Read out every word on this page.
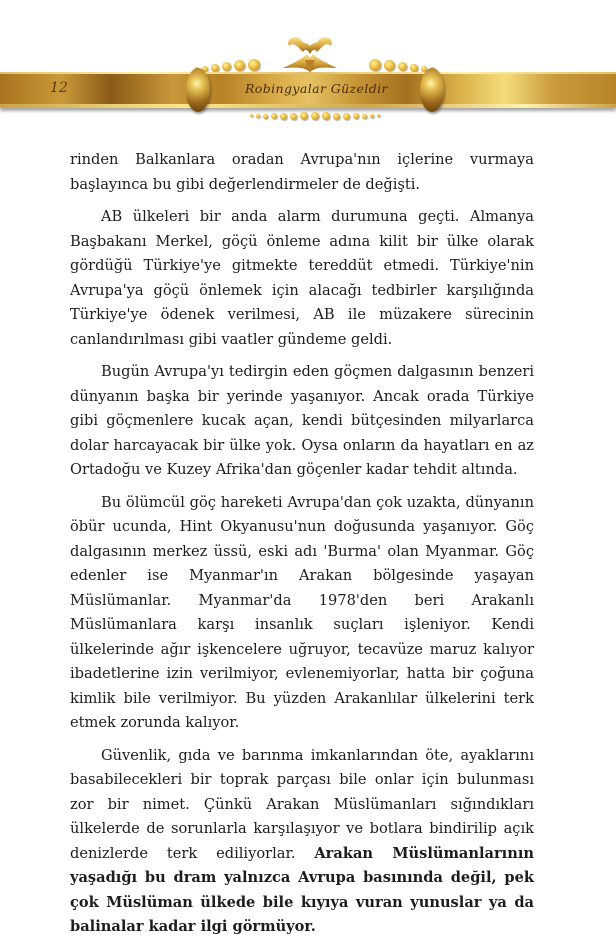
12	Robingyalar Güzeldir

rinden Balkanlara oradan Avrupa'nın içlerine vurmaya başlayınca bu gibi değerlendirmeler de değişti.

AB ülkeleri bir anda alarm durumuna geçti. Almanya Başbakanı Merkel, göçü önleme adına kilit bir ülke olarak gördüğü Türkiye'ye gitmekte tereddüt etmedi. Türkiye'nin Avrupa'ya göçü önlemek için alacağı tedbirler karşılığında Türkiye'ye ödenek verilmesi, AB ile müzakere sürecinin canlandırılması gibi vaatler gündeme geldi.

Bugün Avrupa'yı tedirgin eden göçmen dalgasının benzeri dünyanın başka bir yerinde yaşanıyor. Ancak orada Türkiye gibi göçmenlere kucak açan, kendi bütçesinden milyarlarca dolar harcayacak bir ülke yok. Oysa onların da hayatları en az Ortadoğu ve Kuzey Afrika'dan göçenler kadar tehdit altında.

Bu ölümcül göç hareketi Avrupa'dan çok uzakta, dünyanın öbür ucunda, Hint Okyanusu'nun doğusunda yaşanıyor. Göç dalgasının merkez üssü, eski adı 'Burma' olan Myanmar. Göç edenler ise Myanmar'ın Arakan bölgesinde yaşayan Müslümanlar. Myanmar'da 1978'den beri Arakanlı Müslümanlara karşı insanlık suçları işleniyor. Kendi ülkelerinde ağır işkencelere uğruyor, tecavüze maruz kalıyor ibadetlerine izin verilmiyor, evlenemiyorlar, hatta bir çoğuna kimlik bile verilmiyor. Bu yüzden Arakanlılar ülkelerini terk etmek zorunda kalıyor.

Güvenlik, gıda ve barınma imkanlarından öte, ayaklarını basabilecekleri bir toprak parçası bile onlar için bulunması zor bir nimet. Çünkü Arakan Müslümanları sığındıkları ülkelerde de sorunlarla karşılaşıyor ve botlara bindirilip açık denizlerde terk ediliyorlar. Arakan Müslümanlarının yaşadığı bu dram yalnızca Avrupa basınında değil, pek çok Müslüman ülkede bile kıyıya vuran yunuslar ya da balinalar kadar ilgi görmüyor.
